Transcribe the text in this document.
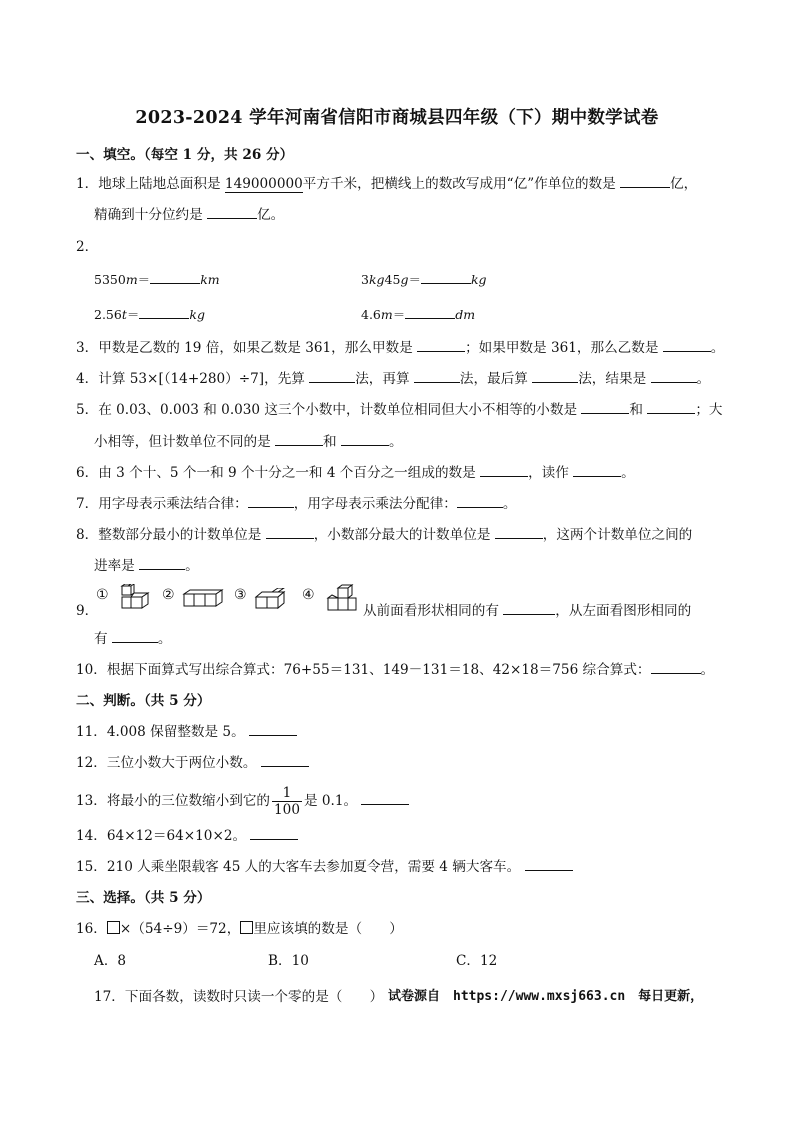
2023-2024 学年河南省信阳市商城县四年级（下）期中数学试卷
一、填空。（每空 1 分，共 26 分）
1．地球上陆地总面积是 149000000平方千米，把横线上的数改写成用“亿”作单位的数是	亿，
精确到十分位约是	亿。
2．
5350m＝	km	3kg45g＝	kg
2.56t＝	kg	4.6m＝	dm
3．甲数是乙数的 19 倍，如果乙数是 361，那么甲数是	；如果甲数是 361，那么乙数是	。
4．计算 53×[（14+280）÷7]，先算	法，再算	法，最后算	法，结果是	。
5．在 0.03、0.003 和 0.030 这三个小数中，计数单位相同但大小不相等的小数是	和	；大
小相等，但计数单位不同的是	和	。
6．由 3 个十、5 个一和 9 个十分之一和 4 个百分之一组成的数是	，读作	。
7．用字母表示乘法结合律：	，用字母表示乘法分配律：	。
8．整数部分最小的计数单位是	，小数部分最大的计数单位是	，这两个计数单位之间的
进率是	。
9．
①	②	③	④
从前面看形状相同的有	，从左面看图形相同的
有	。
10．根据下面算式写出综合算式：76+55＝131、149－131＝18、42×18＝756 综合算式：	。
二、判断。（共 5 分）
11．4.008 保留整数是 5。
12．三位小数大于两位小数。
13．将最小的三位数缩小到它的 $\frac{1}{100}$ 是 0.1。
14．64×12＝64×10×2。
15．210 人乘坐限载客 45 人的大客车去参加夏令营，需要 4 辆大客车。
三、选择。（共 5 分）
16． ×（54÷9）＝72， 里应该填的数是（　　）
A．8	B．10	C．12
17．下面各数，读数时只读一个零的是（　　） 试卷源自　https://www.mxsj663.cn　每日更新，
